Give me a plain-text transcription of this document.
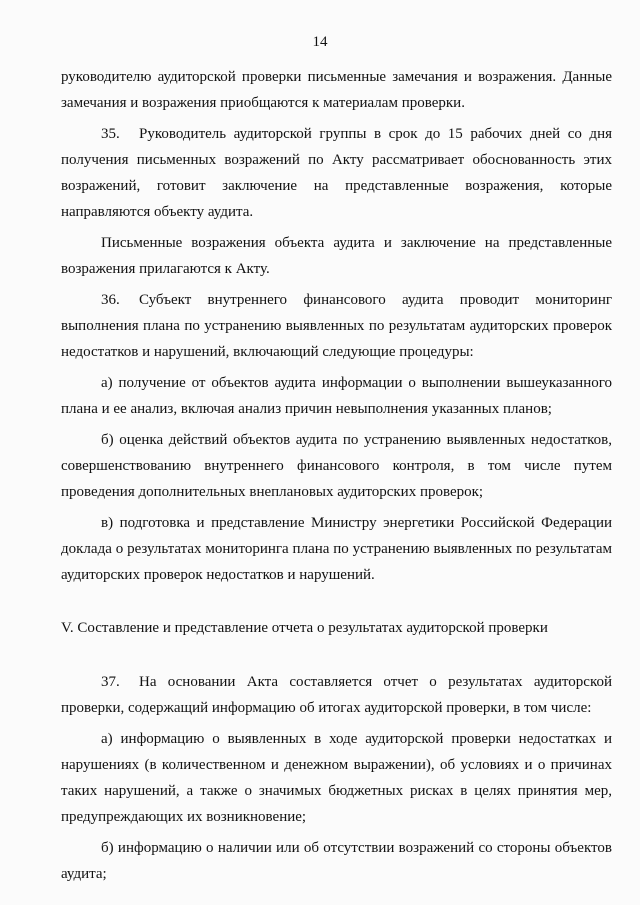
14

руководителю аудиторской проверки письменные замечания и возражения. Данные замечания и возражения приобщаются к материалам проверки.

35. Руководитель аудиторской группы в срок до 15 рабочих дней со дня получения письменных возражений по Акту рассматривает обоснованность этих возражений, готовит заключение на представленные возражения, которые направляются объекту аудита.

Письменные возражения объекта аудита и заключение на представленные возражения прилагаются к Акту.

36. Субъект внутреннего финансового аудита проводит мониторинг выполнения плана по устранению выявленных по результатам аудиторских проверок недостатков и нарушений, включающий следующие процедуры:

а) получение от объектов аудита информации о выполнении вышеуказанного плана и ее анализ, включая анализ причин невыполнения указанных планов;

б) оценка действий объектов аудита по устранению выявленных недостатков, совершенствованию внутреннего финансового контроля, в том числе путем проведения дополнительных внеплановых аудиторских проверок;

в) подготовка и представление Министру энергетики Российской Федерации доклада о результатах мониторинга плана по устранению выявленных по результатам аудиторских проверок недостатков и нарушений.

V. Составление и представление отчета о результатах аудиторской проверки

37. На основании Акта составляется отчет о результатах аудиторской проверки, содержащий информацию об итогах аудиторской проверки, в том числе:

а) информацию о выявленных в ходе аудиторской проверки недостатках и нарушениях (в количественном и денежном выражении), об условиях и о причинах таких нарушений, а также о значимых бюджетных рисках в целях принятия мер, предупреждающих их возникновение;

б) информацию о наличии или об отсутствии возражений со стороны объектов аудита;
